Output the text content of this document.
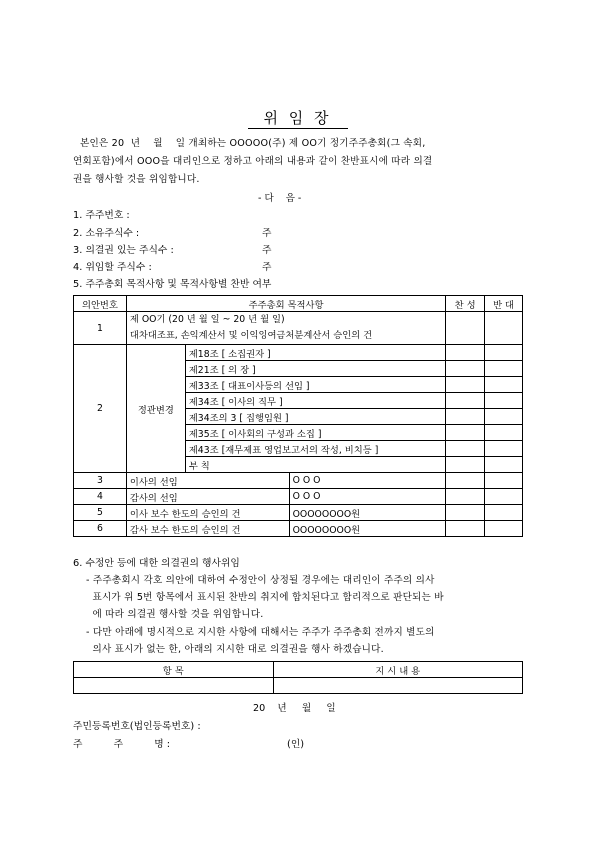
위 임 장
본인은 20  년    월    일 개최하는 OOOOO(주) 제 OO기 정기주주총회(그 속회,
연회포함)에서 OOO을 대리인으로 정하고 아래의 내용과 같이 찬반표시에 따라 의결
권을 행사할 것을 위임합니다.
- 다    음 -
1. 주주번호 :
2. 소유주식수 :	주
3. 의결권 있는 주식수 :	주
4. 위임할 주식수 :	주
5. 주주총회 목적사항 및 목적사항별 찬반 여부
의안번호	주주총회 목적사항			찬 성	반 대
1	제 OO기 (20 년 월 일 ~ 20 년 월 일)
대차대조표, 손익계산서 및 이익잉여금처분계산서 승인의 건				

2	정관변경	제18조 [ 소집권자 ]			
		제21조 [ 의 장 ]			
		제33조 [ 대표이사등의 선임 ]			
		제34조 [ 이사의 직무 ]			
		제34조의 3 [ 집행임원 ]			
		제35조 [ 이사회의 구성과 소집 ]			
		제43조 [재무제표 영업보고서의 작성, 비치등 ]			
		부 칙			
3	이사의 선임		O O O		
4	감사의 선임		O O O		
5	이사 보수 한도의 승인의 건		OOOOOOOO원		
6	감사 보수 한도의 승인의 건		OOOOOOOO원		
6. 수정안 등에 대한 의결권의 행사위임
- 주주총회시 각호 의안에 대하여 수정안이 상정될 경우에는 대리인이 주주의 의사
표시가 위 5번 항목에서 표시된 찬반의 취지에 합치된다고 합리적으로 판단되는 바
에 따라 의결권 행사할 것을 위임합니다.
- 다만 아래에 명시적으로 지시한 사항에 대해서는 주주가 주주총회 전까지 별도의
의사 표시가 없는 한, 아래의 지시한 대로 의결권을 행사 하겠습니다.
항 목	지 시 내 용

20    년     월     일
주민등록번호(법인등록번호) :
주          주          명 :	(인)
